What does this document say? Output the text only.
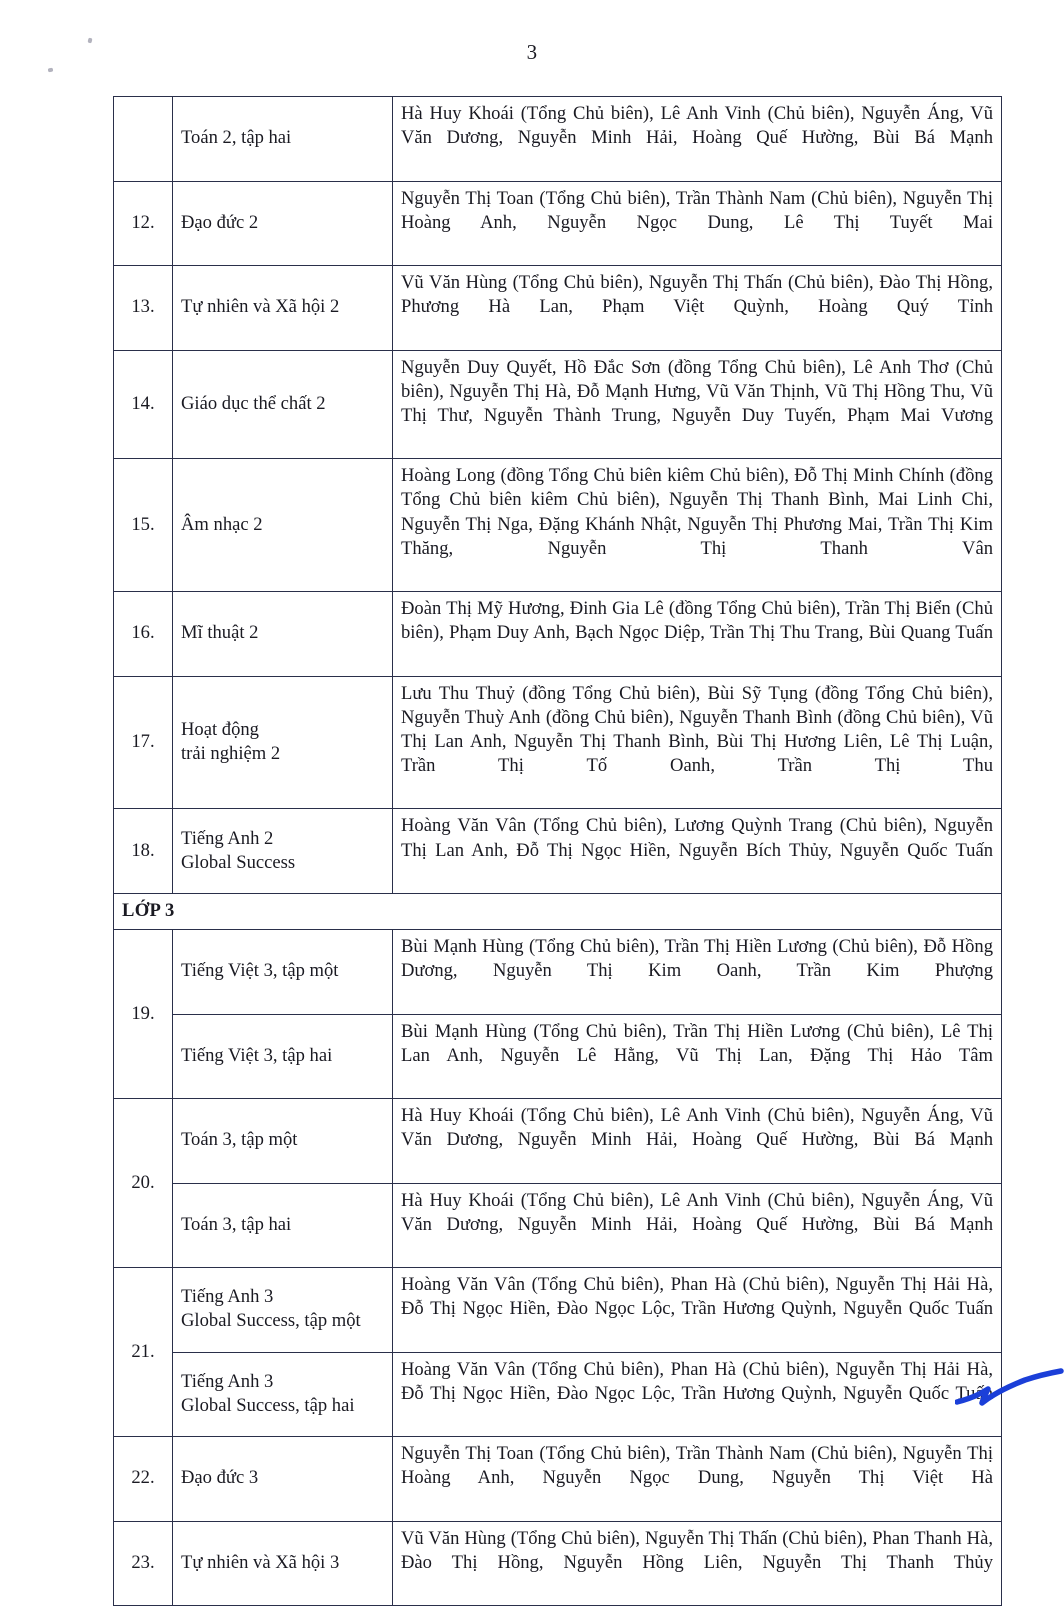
3

	Toán 2, tập hai	Hà Huy Khoái (Tổng Chủ biên), Lê Anh Vinh (Chủ biên), Nguyễn Áng, Vũ Văn Dương, Nguyễn Minh Hải, Hoàng Quế Hường, Bùi Bá Mạnh
12.	Đạo đức 2	Nguyễn Thị Toan (Tổng Chủ biên), Trần Thành Nam (Chủ biên), Nguyễn Thị Hoàng Anh, Nguyễn Ngọc Dung, Lê Thị Tuyết Mai
13.	Tự nhiên và Xã hội 2	Vũ Văn Hùng (Tổng Chủ biên), Nguyễn Thị Thấn (Chủ biên), Đào Thị Hồng, Phương Hà Lan, Phạm Việt Quỳnh, Hoàng Quý Tỉnh
14.	Giáo dục thể chất 2	Nguyễn Duy Quyết, Hồ Đắc Sơn (đồng Tổng Chủ biên), Lê Anh Thơ (Chủ biên), Nguyễn Thị Hà, Đỗ Mạnh Hưng, Vũ Văn Thịnh, Vũ Thị Hồng Thu, Vũ Thị Thư, Nguyễn Thành Trung, Nguyễn Duy Tuyến, Phạm Mai Vương
15.	Âm nhạc 2	Hoàng Long (đồng Tổng Chủ biên kiêm Chủ biên), Đỗ Thị Minh Chính (đồng Tổng Chủ biên kiêm Chủ biên), Nguyễn Thị Thanh Bình, Mai Linh Chi, Nguyễn Thị Nga, Đặng Khánh Nhật, Nguyễn Thị Phương Mai, Trần Thị Kim Thăng, Nguyễn Thị Thanh Vân
16.	Mĩ thuật 2	Đoàn Thị Mỹ Hương, Đinh Gia Lê (đồng Tổng Chủ biên), Trần Thị Biển (Chủ biên), Phạm Duy Anh, Bạch Ngọc Diệp, Trần Thị Thu Trang, Bùi Quang Tuấn
17.	Hoạt động
trải nghiệm 2	Lưu Thu Thuỷ (đồng Tổng Chủ biên), Bùi Sỹ Tụng (đồng Tổng Chủ biên), Nguyễn Thuỳ Anh (đồng Chủ biên), Nguyễn Thanh Bình (đồng Chủ biên), Vũ Thị Lan Anh, Nguyễn Thị Thanh Bình, Bùi Thị Hương Liên, Lê Thị Luận, Trần Thị Tố Oanh, Trần Thị Thu
18.	Tiếng Anh 2
Global Success	Hoàng Văn Vân (Tổng Chủ biên), Lương Quỳnh Trang (Chủ biên), Nguyễn Thị Lan Anh, Đỗ Thị Ngọc Hiền, Nguyễn Bích Thủy, Nguyễn Quốc Tuấn
LỚP 3		
19.	Tiếng Việt 3, tập một	Bùi Mạnh Hùng (Tổng Chủ biên), Trần Thị Hiền Lương (Chủ biên), Đỗ Hồng Dương, Nguyễn Thị Kim Oanh, Trần Kim Phượng

	Tiếng Việt 3, tập hai	Bùi Mạnh Hùng (Tổng Chủ biên), Trần Thị Hiền Lương (Chủ biên), Lê Thị Lan Anh, Nguyễn Lê Hằng, Vũ Thị Lan, Đặng Thị Hảo Tâm
20.	Toán 3, tập một	Hà Huy Khoái (Tổng Chủ biên), Lê Anh Vinh (Chủ biên), Nguyễn Áng, Vũ Văn Dương, Nguyễn Minh Hải, Hoàng Quế Hường, Bùi Bá Mạnh

	Toán 3, tập hai	Hà Huy Khoái (Tổng Chủ biên), Lê Anh Vinh (Chủ biên), Nguyễn Áng, Vũ Văn Dương, Nguyễn Minh Hải, Hoàng Quế Hường, Bùi Bá Mạnh
21.	Tiếng Anh 3
Global Success, tập một	Hoàng Văn Vân (Tổng Chủ biên), Phan Hà (Chủ biên), Nguyễn Thị Hải Hà, Đỗ Thị Ngọc Hiền, Đào Ngọc Lộc, Trần Hương Quỳnh, Nguyễn Quốc Tuấn

	Tiếng Anh 3
Global Success, tập hai	Hoàng Văn Vân (Tổng Chủ biên), Phan Hà (Chủ biên), Nguyễn Thị Hải Hà, Đỗ Thị Ngọc Hiền, Đào Ngọc Lộc, Trần Hương Quỳnh, Nguyễn Quốc Tuấn
22.	Đạo đức 3	Nguyễn Thị Toan (Tổng Chủ biên), Trần Thành Nam (Chủ biên), Nguyễn Thị Hoàng Anh, Nguyễn Ngọc Dung, Nguyễn Thị Việt Hà
23.	Tự nhiên và Xã hội 3	Vũ Văn Hùng (Tổng Chủ biên), Nguyễn Thị Thấn (Chủ biên), Phan Thanh Hà, Đào Thị Hồng, Nguyễn Hồng Liên, Nguyễn Thị Thanh Thủy
